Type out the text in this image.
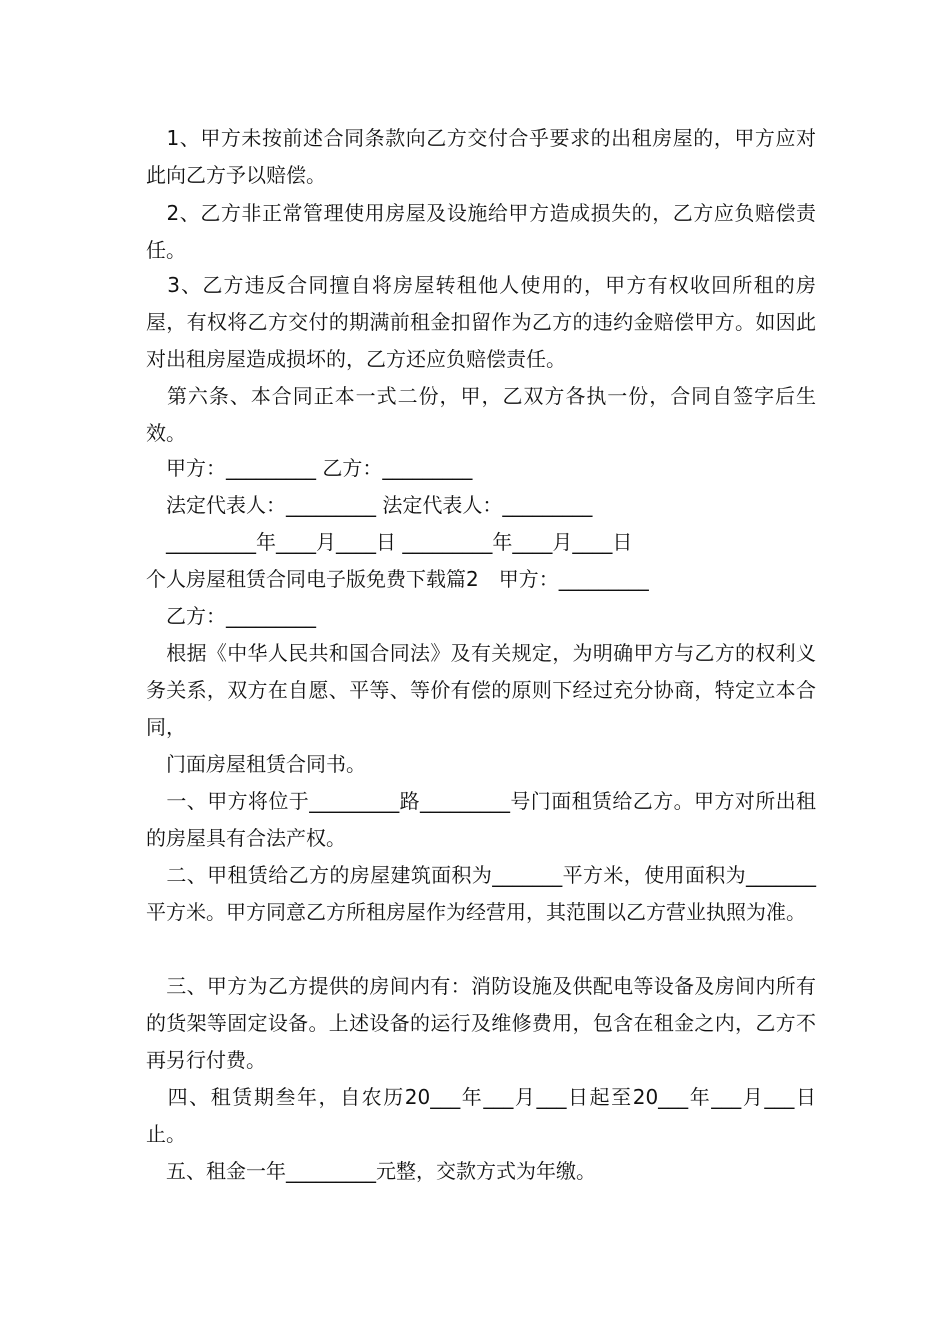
　1、甲方未按前述合同条款向乙方交付合乎要求的出租房屋的，甲方应对此向乙方予以赔偿。
　2、乙方非正常管理使用房屋及设施给甲方造成损失的，乙方应负赔偿责任。
　3、乙方违反合同擅自将房屋转租他人使用的，甲方有权收回所租的房屋，有权将乙方交付的期满前租金扣留作为乙方的违约金赔偿甲方。如因此对出租房屋造成损坏的，乙方还应负赔偿责任。
　第六条、本合同正本一式二份，甲，乙双方各执一份，合同自签字后生效。
　甲方：_________ 乙方：_________
　法定代表人：_________ 法定代表人：_________
　_________年____月____日 _________年____月____日
个人房屋租赁合同电子版免费下载篇2　甲方：_________
　乙方：_________
　根据《中华人民共和国合同法》及有关规定，为明确甲方与乙方的权利义务关系，双方在自愿、平等、等价有偿的原则下经过充分协商，特定立本合同，
　门面房屋租赁合同书。
　一、甲方将位于_________路_________号门面租赁给乙方。甲方对所出租的房屋具有合法产权。
　二、甲租赁给乙方的房屋建筑面积为_______平方米，使用面积为_______平方米。甲方同意乙方所租房屋作为经营用，其范围以乙方营业执照为准。
　三、甲方为乙方提供的房间内有：消防设施及供配电等设备及房间内所有的货架等固定设备。上述设备的运行及维修费用，包含在租金之内，乙方不再另行付费。
　四、租赁期叁年，自农历20___年___月___日起至20___年___月___日止。
　五、租金一年_________元整，交款方式为年缴。
